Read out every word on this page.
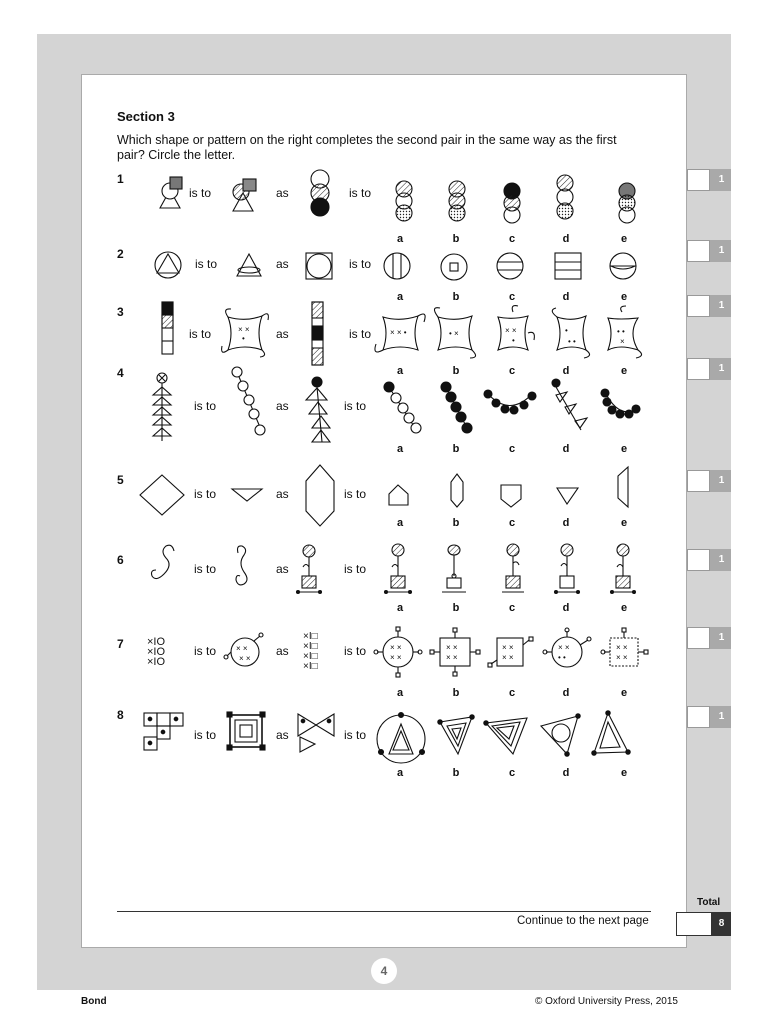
Section 3
Which shape or pattern on the right completes the second pair in the same way as the first pair? Circle the letter.
1
2
3
4
5
6
7
8
is to	as	is to
is to	as	is to
is to	as	is to
is to	as	is to
is to	as	is to
is to	as	is to
is to	as	is to
is to	as	is to
× ×
•
× × •	• ×	× ×
•
•
• •
• •
×
×IO
×IO
×IO
× ×
× ×
×I□
×I□
×I□
×I□
× ×
× ×
× ×
× ×
× ×
× ×
× ×
• •
× ×
× ×
a	b	c	d	e
a	b	c	d	e
a	b	c	d	e
a	b	c	d	e
a	b	c	d	e
a	b	c	d	e
a	b	c	d	e
a	b	c	d	e
1
1
1
1
1
1
1
1
Continue to the next page
Total
8
4
Bond	© Oxford University Press, 2015
